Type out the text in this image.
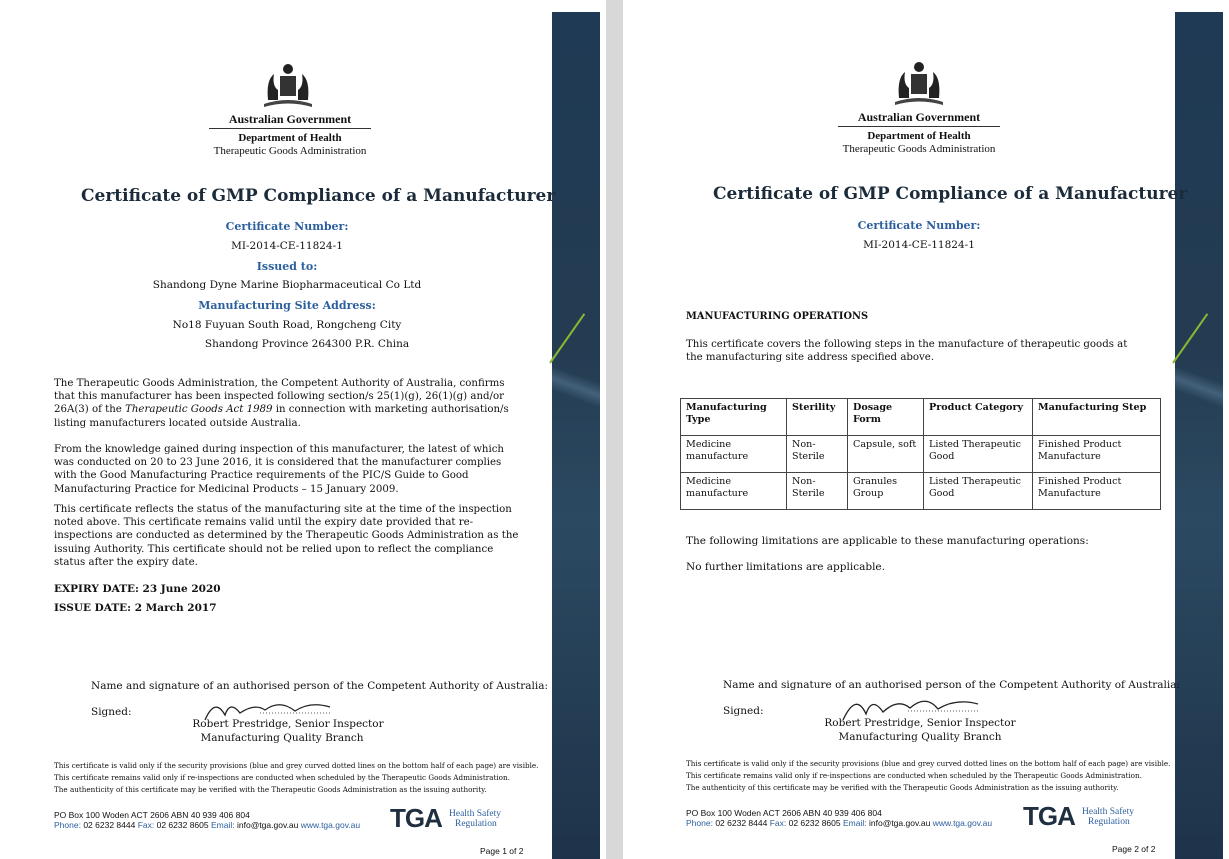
Australian Government
Department of Health
Therapeutic Goods Administration
Certificate of GMP Compliance of a Manufacturer
Certificate Number:
MI-2014-CE-11824-1
Issued to:
Shandong Dyne Marine Biopharmaceutical Co Ltd
Manufacturing Site Address:
No18 Fuyuan South Road, Rongcheng City
Shandong Province 264300 P.R. China
The Therapeutic Goods Administration, the Competent Authority of Australia, confirms that this manufacturer has been inspected following section/s 25(1)(g), 26(1)(g) and/or 26A(3) of the Therapeutic Goods Act 1989 in connection with marketing authorisation/s listing manufacturers located outside Australia.
From the knowledge gained during inspection of this manufacturer, the latest of which was conducted on 20 to 23 June 2016, it is considered that the manufacturer complies with the Good Manufacturing Practice requirements of the PIC/S Guide to Good Manufacturing Practice for Medicinal Products – 15 January 2009.
This certificate reflects the status of the manufacturing site at the time of the inspection noted above. This certificate remains valid until the expiry date provided that re-inspections are conducted as determined by the Therapeutic Goods Administration as the issuing Authority. This certificate should not be relied upon to reflect the compliance status after the expiry date.
EXPIRY DATE: 23 June 2020
ISSUE DATE: 2 March 2017
Name and signature of an authorised person of the Competent Authority of Australia:
Signed:
Robert Prestridge, Senior Inspector
Manufacturing Quality Branch
This certificate is valid only if the security provisions (blue and grey curved dotted lines on the bottom half of each page) are visible.
This certificate remains valid only if re-inspections are conducted when scheduled by the Therapeutic Goods Administration.
The authenticity of this certificate may be verified with the Therapeutic Goods Administration as the issuing authority.
PO Box 100 Woden ACT 2606 ABN 40 939 406 804
Phone: 02 6232 8444 Fax: 02 6232 8605 Email: info@tga.gov.au www.tga.gov.au TGA Health Safety
Regulation
Page 1 of 2
Australian Government
Department of Health
Therapeutic Goods Administration
Certificate of GMP Compliance of a Manufacturer
Certificate Number:
MI-2014-CE-11824-1
MANUFACTURING OPERATIONS
This certificate covers the following steps in the manufacture of therapeutic goods at the manufacturing site address specified above.
Manufacturing Type	Sterility	Dosage Form	Product Category	Manufacturing Step
Medicine manufacture	Non-Sterile	Capsule, soft	Listed Therapeutic Good	Finished Product Manufacture
Medicine manufacture	Non-Sterile	Granules Group	Listed Therapeutic Good	Finished Product Manufacture
The following limitations are applicable to these manufacturing operations:
No further limitations are applicable.
Name and signature of an authorised person of the Competent Authority of Australia:
Signed:
Robert Prestridge, Senior Inspector
Manufacturing Quality Branch
This certificate is valid only if the security provisions (blue and grey curved dotted lines on the bottom half of each page) are visible.
This certificate remains valid only if re-inspections are conducted when scheduled by the Therapeutic Goods Administration.
The authenticity of this certificate may be verified with the Therapeutic Goods Administration as the issuing authority.
PO Box 100 Woden ACT 2606 ABN 40 939 406 804
Phone: 02 6232 8444 Fax: 02 6232 8605 Email: info@tga.gov.au www.tga.gov.au TGA Health Safety
Regulation
Page 2 of 2
